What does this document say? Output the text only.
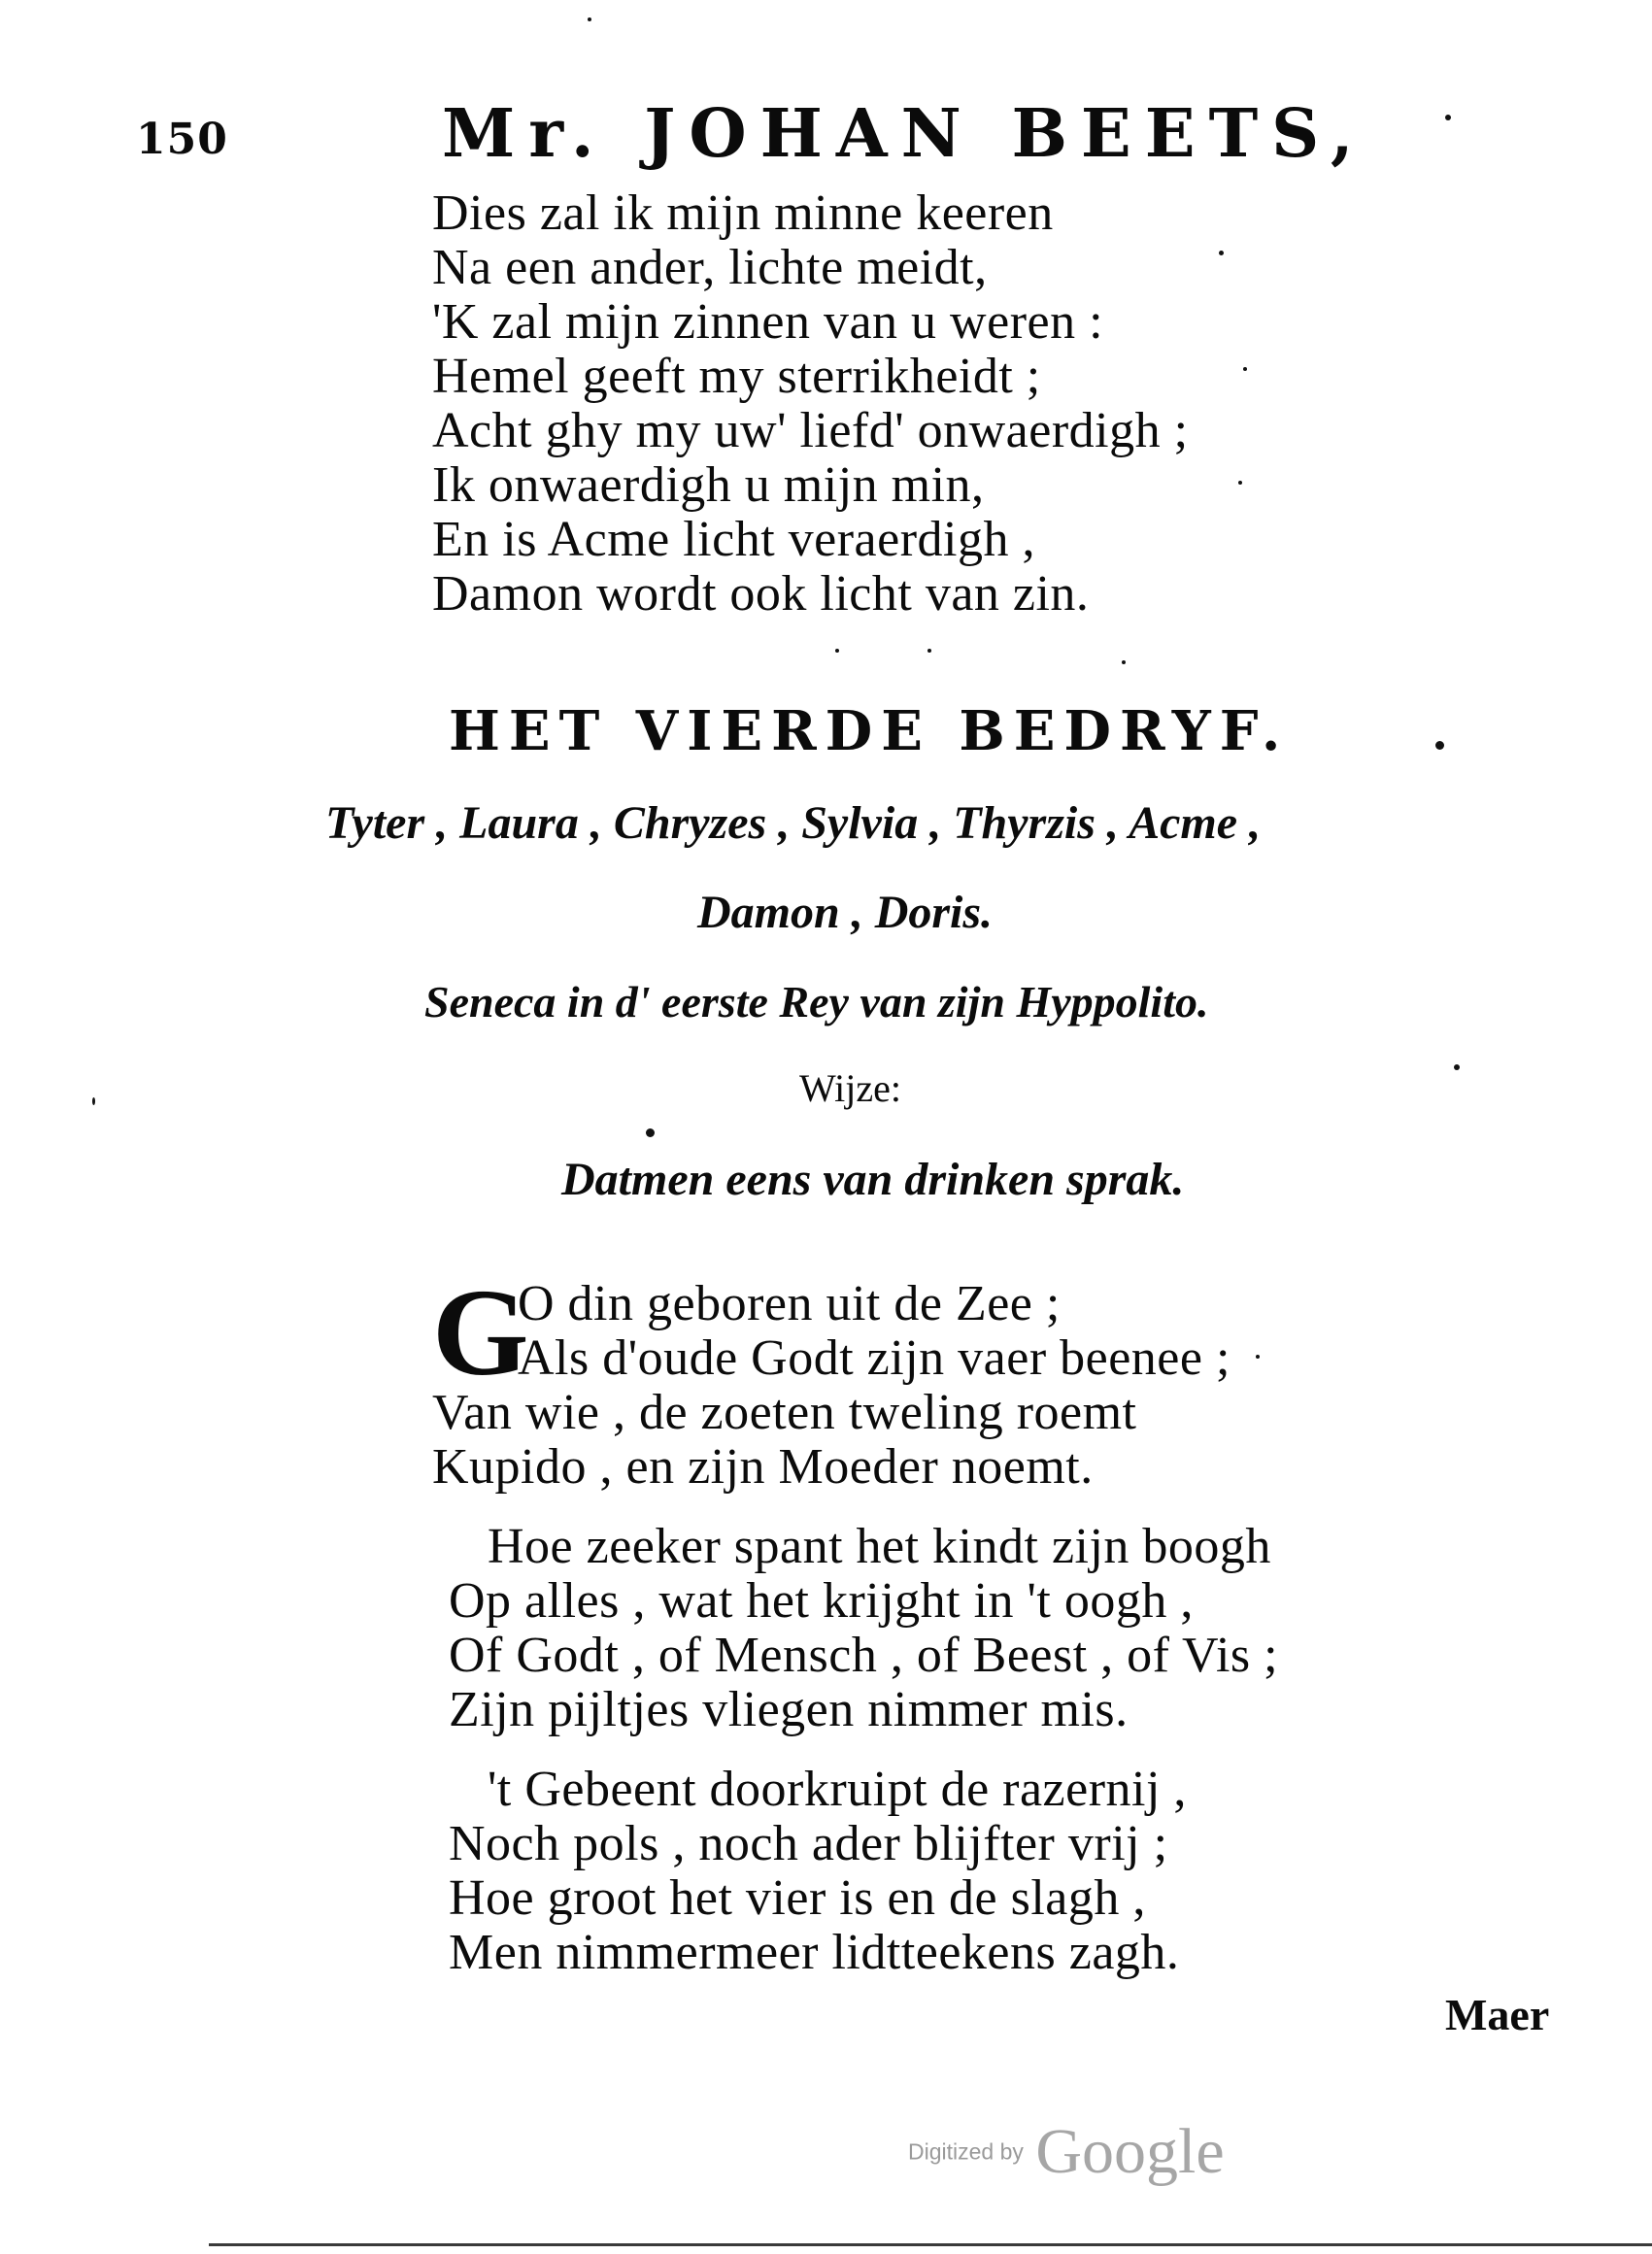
150	Mr. JOHAN BEETS,
Dies zal ik mijn minne keeren
Na een ander, lichte meidt,
'K zal mijn zinnen van u weren :
Hemel geeft my sterrikheidt ;
Acht ghy my uw' liefd' onwaerdigh ;
Ik onwaerdigh u mijn min,
En is Acme licht veraerdigh ,
Damon wordt ook licht van zin.
HET VIERDE BEDRYF.
Tyter , Laura , Chryzes , Sylvia , Thyrzis , Acme ,
Damon , Doris.
Seneca in d' eerste Rey van zijn Hyppolito.
Wijze:
Datmen eens van drinken sprak.
G
O din geboren uit de Zee ;
Als d'oude Godt zijn vaer beenee ;
Van wie , de zoeten tweling roemt
Kupido , en zijn Moeder noemt.
Hoe zeeker spant het kindt zijn boogh
Op alles , wat het krijght in 't oogh ,
Of Godt , of Mensch , of Beest , of Vis ;
Zijn pijltjes vliegen nimmer mis.
't Gebeent doorkruipt de razernij ,
Noch pols , noch ader blijfter vrij ;
Hoe groot het vier is en de slagh ,
Men nimmermeer lidtteekens zagh.
Maer
Digitized by Google
